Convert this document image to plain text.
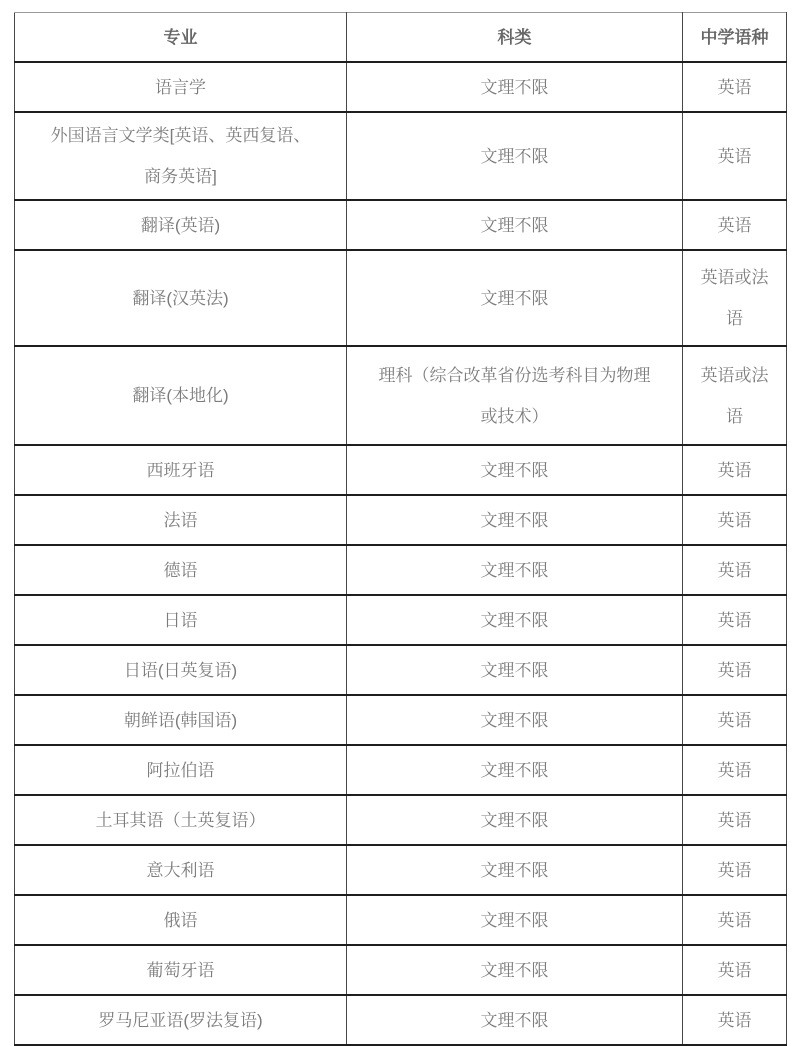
专业	科类	中学语种
语言学	文理不限	英语
外国语言文学类[英语、英西复语、商务英语]	文理不限	英语
翻译(英语)	文理不限	英语
翻译(汉英法)	文理不限	英语或法语
翻译(本地化)	理科（综合改革省份选考科目为物理或技术）	英语或法语
西班牙语	文理不限	英语
法语	文理不限	英语
德语	文理不限	英语
日语	文理不限	英语
日语(日英复语)	文理不限	英语
朝鲜语(韩国语)	文理不限	英语
阿拉伯语	文理不限	英语
土耳其语（土英复语）	文理不限	英语
意大利语	文理不限	英语
俄语	文理不限	英语
葡萄牙语	文理不限	英语
罗马尼亚语(罗法复语)	文理不限	英语
